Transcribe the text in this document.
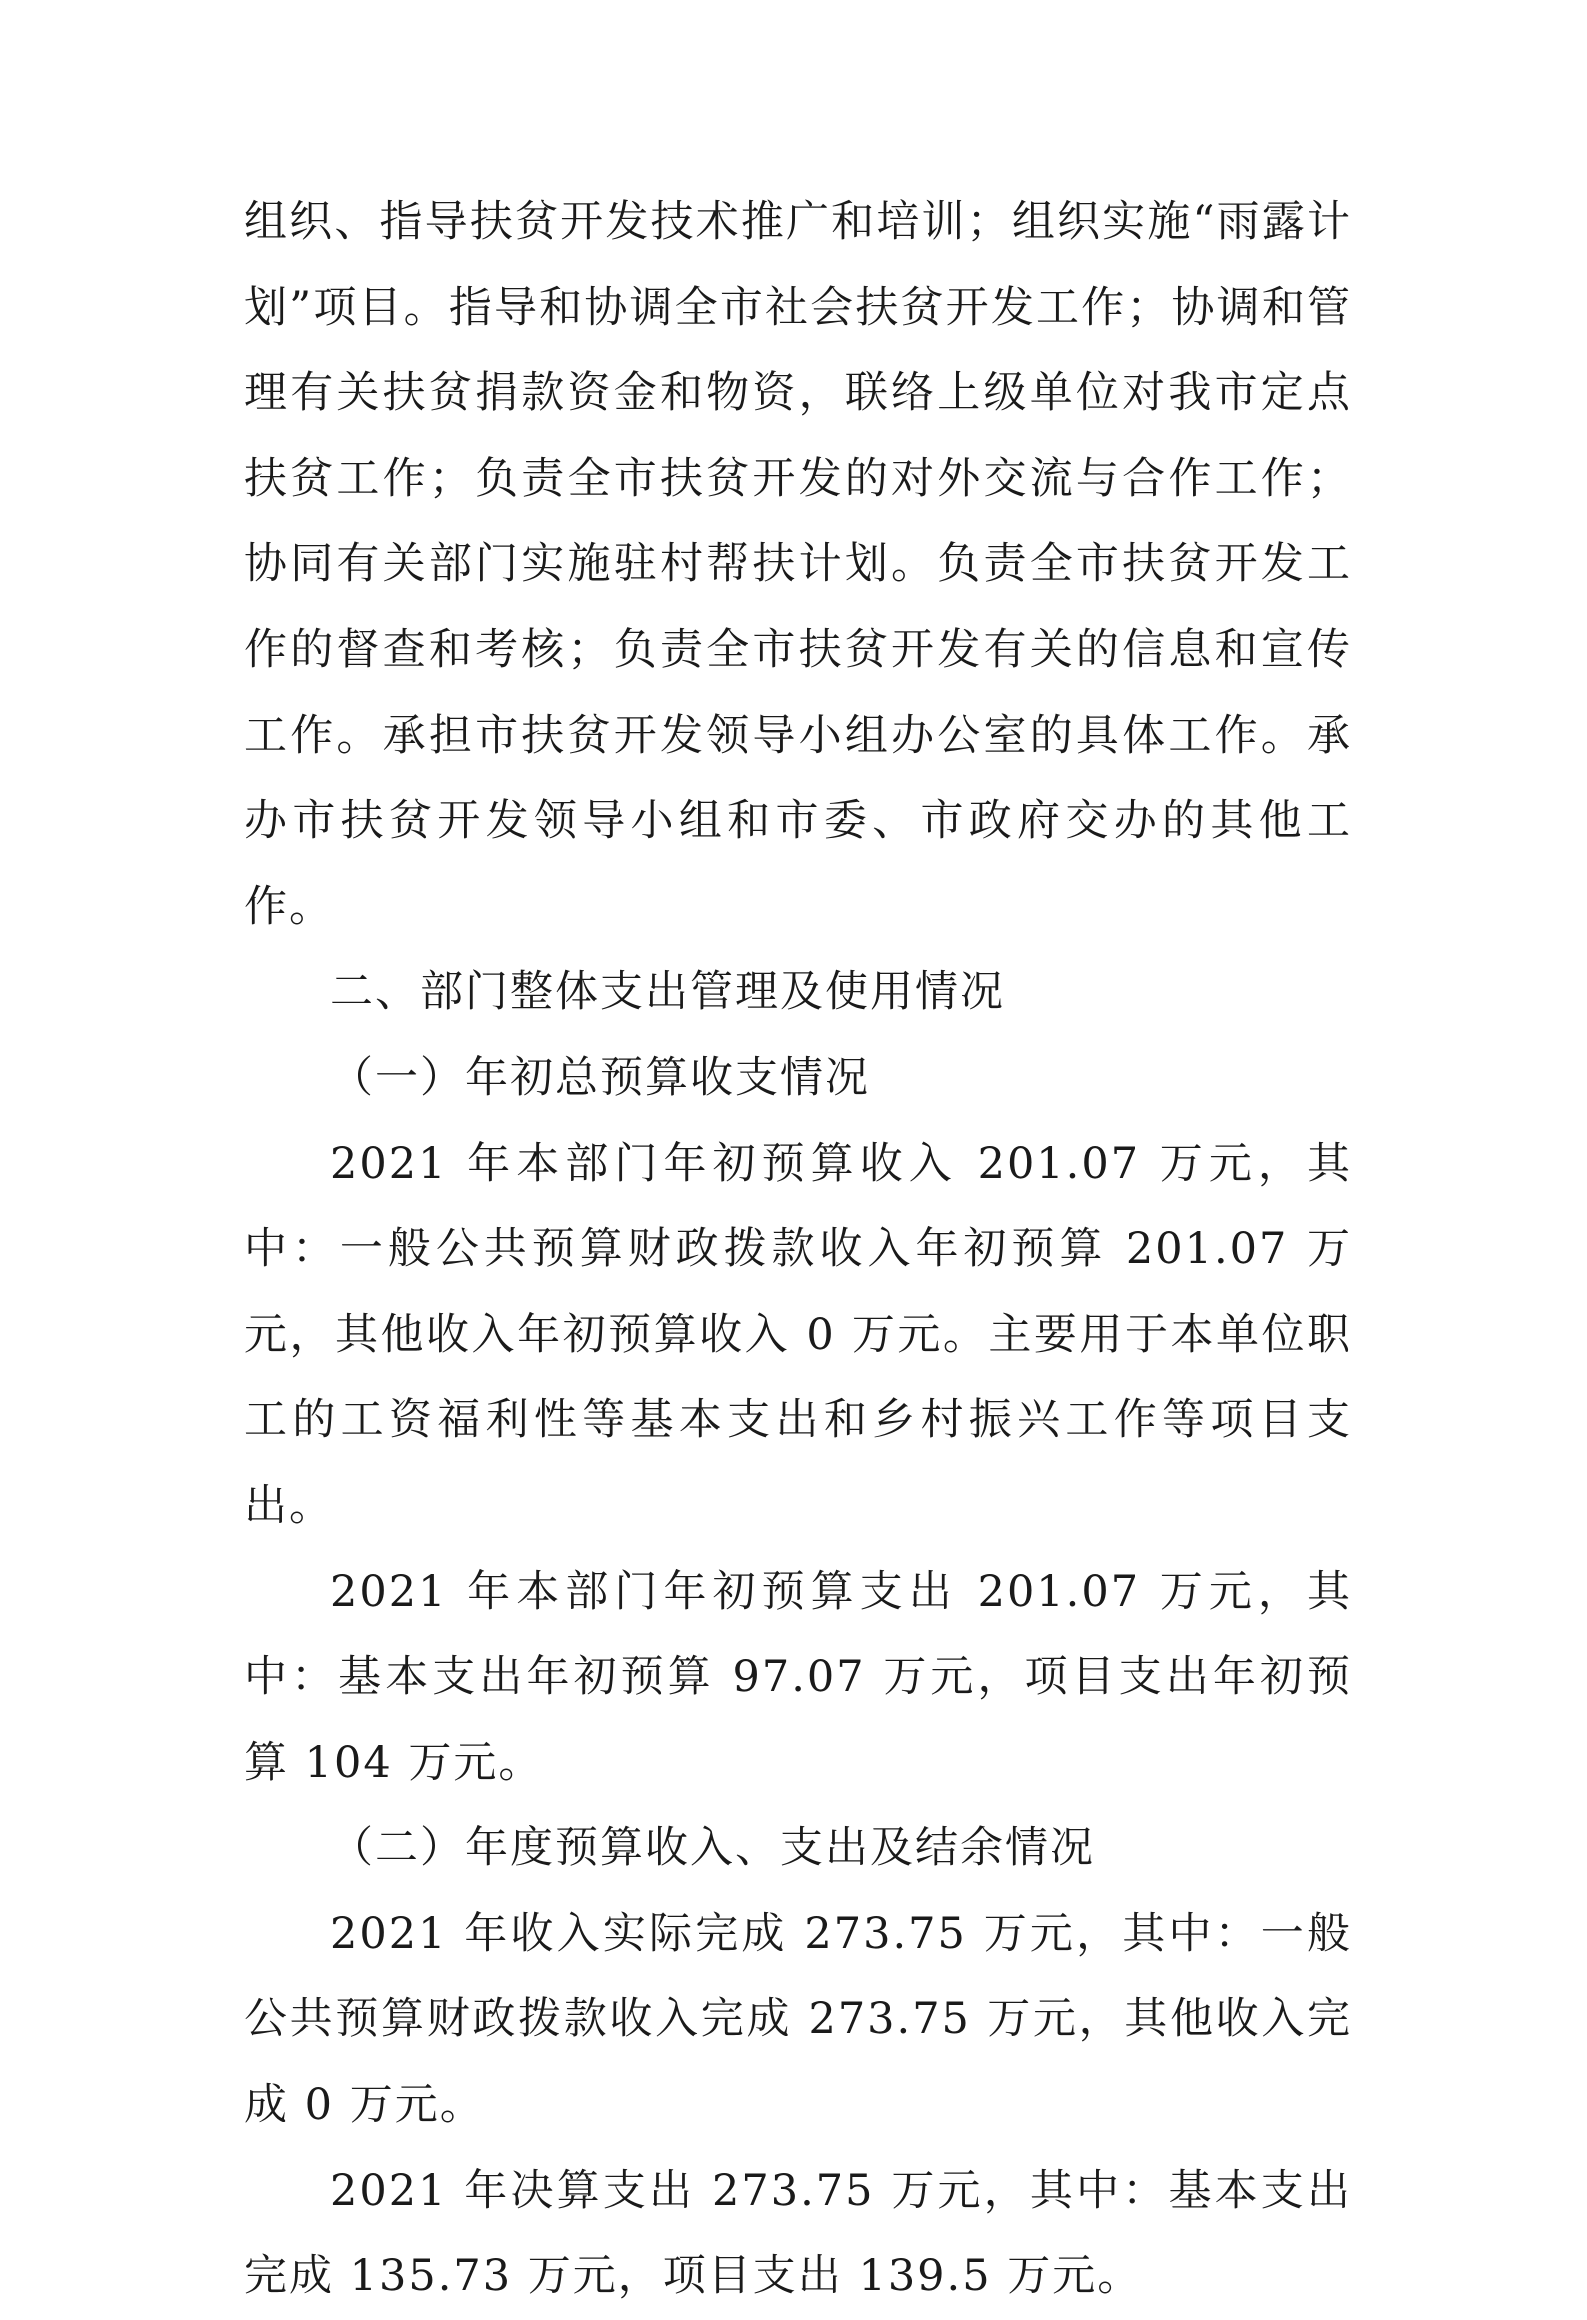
组织、指导扶贫开发技术推广和培训；组织实施“雨露计划”项目。指导和协调全市社会扶贫开发工作；协调和管理有关扶贫捐款资金和物资，联络上级单位对我市定点扶贫工作；负责全市扶贫开发的对外交流与合作工作；协同有关部门实施驻村帮扶计划。负责全市扶贫开发工作的督查和考核；负责全市扶贫开发有关的信息和宣传工作。承担市扶贫开发领导小组办公室的具体工作。承办市扶贫开发领导小组和市委、市政府交办的其他工作。

二、部门整体支出管理及使用情况

（一）年初总预算收支情况

2021 年本部门年初预算收入 201.07 万元，其中：一般公共预算财政拨款收入年初预算 201.07 万元，其他收入年初预算收入 0 万元。主要用于本单位职工的工资福利性等基本支出和乡村振兴工作等项目支出。

2021 年本部门年初预算支出 201.07 万元，其中：基本支出年初预算 97.07 万元，项目支出年初预算 104 万元。

（二）年度预算收入、支出及结余情况

2021 年收入实际完成 273.75 万元，其中：一般公共预算财政拨款收入完成 273.75 万元，其他收入完成 0 万元。

2021 年决算支出 273.75 万元，其中：基本支出完成 135.73 万元，项目支出 139.5 万元。
